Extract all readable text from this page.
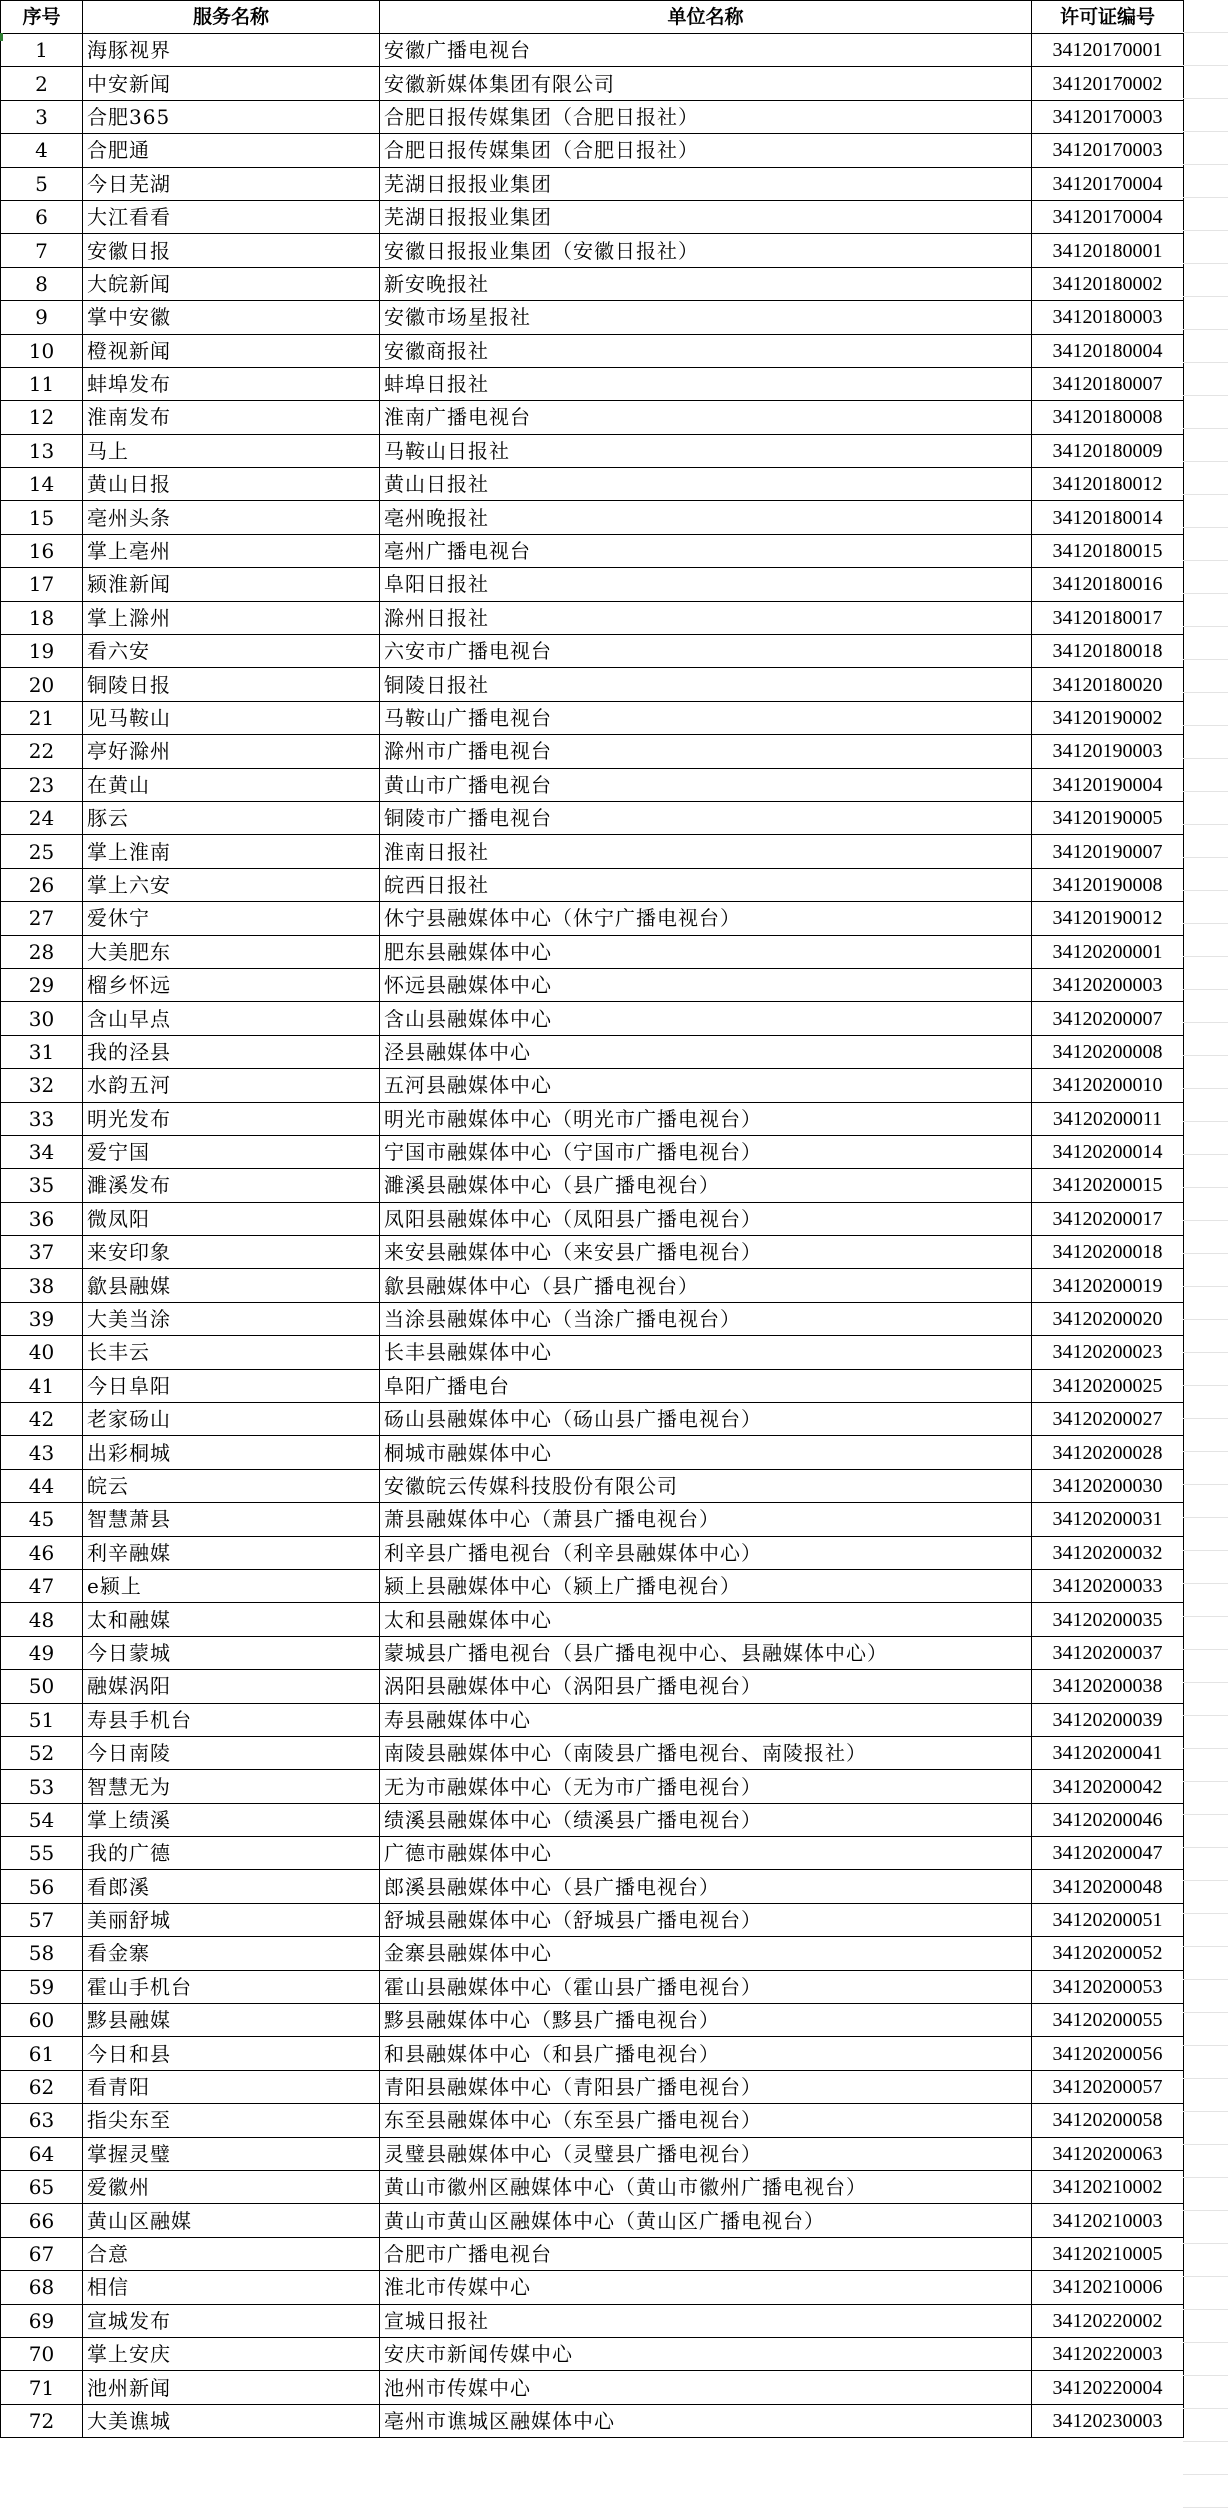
序号	服务名称	单位名称	许可证编号
1	海豚视界	安徽广播电视台	34120170001
2	中安新闻	安徽新媒体集团有限公司	34120170002
3	合肥365	合肥日报传媒集团（合肥日报社）	34120170003
4	合肥通	合肥日报传媒集团（合肥日报社）	34120170003
5	今日芜湖	芜湖日报报业集团	34120170004
6	大江看看	芜湖日报报业集团	34120170004
7	安徽日报	安徽日报报业集团（安徽日报社）	34120180001
8	大皖新闻	新安晚报社	34120180002
9	掌中安徽	安徽市场星报社	34120180003
10	橙视新闻	安徽商报社	34120180004
11	蚌埠发布	蚌埠日报社	34120180007
12	淮南发布	淮南广播电视台	34120180008
13	马上	马鞍山日报社	34120180009
14	黄山日报	黄山日报社	34120180012
15	亳州头条	亳州晚报社	34120180014
16	掌上亳州	亳州广播电视台	34120180015
17	颍淮新闻	阜阳日报社	34120180016
18	掌上滁州	滁州日报社	34120180017
19	看六安	六安市广播电视台	34120180018
20	铜陵日报	铜陵日报社	34120180020
21	见马鞍山	马鞍山广播电视台	34120190002
22	亭好滁州	滁州市广播电视台	34120190003
23	在黄山	黄山市广播电视台	34120190004
24	豚云	铜陵市广播电视台	34120190005
25	掌上淮南	淮南日报社	34120190007
26	掌上六安	皖西日报社	34120190008
27	爱休宁	休宁县融媒体中心（休宁广播电视台）	34120190012
28	大美肥东	肥东县融媒体中心	34120200001
29	榴乡怀远	怀远县融媒体中心	34120200003
30	含山早点	含山县融媒体中心	34120200007
31	我的泾县	泾县融媒体中心	34120200008
32	水韵五河	五河县融媒体中心	34120200010
33	明光发布	明光市融媒体中心（明光市广播电视台）	34120200011
34	爱宁国	宁国市融媒体中心（宁国市广播电视台）	34120200014
35	濉溪发布	濉溪县融媒体中心（县广播电视台）	34120200015
36	微凤阳	凤阳县融媒体中心（凤阳县广播电视台）	34120200017
37	来安印象	来安县融媒体中心（来安县广播电视台）	34120200018
38	歙县融媒	歙县融媒体中心（县广播电视台）	34120200019
39	大美当涂	当涂县融媒体中心（当涂广播电视台）	34120200020
40	长丰云	长丰县融媒体中心	34120200023
41	今日阜阳	阜阳广播电台	34120200025
42	老家砀山	砀山县融媒体中心（砀山县广播电视台）	34120200027
43	出彩桐城	桐城市融媒体中心	34120200028
44	皖云	安徽皖云传媒科技股份有限公司	34120200030
45	智慧萧县	萧县融媒体中心（萧县广播电视台）	34120200031
46	利辛融媒	利辛县广播电视台（利辛县融媒体中心）	34120200032
47	e颍上	颍上县融媒体中心（颍上广播电视台）	34120200033
48	太和融媒	太和县融媒体中心	34120200035
49	今日蒙城	蒙城县广播电视台（县广播电视中心、县融媒体中心）	34120200037
50	融媒涡阳	涡阳县融媒体中心（涡阳县广播电视台）	34120200038
51	寿县手机台	寿县融媒体中心	34120200039
52	今日南陵	南陵县融媒体中心（南陵县广播电视台、南陵报社）	34120200041
53	智慧无为	无为市融媒体中心（无为市广播电视台）	34120200042
54	掌上绩溪	绩溪县融媒体中心（绩溪县广播电视台）	34120200046
55	我的广德	广德市融媒体中心	34120200047
56	看郎溪	郎溪县融媒体中心（县广播电视台）	34120200048
57	美丽舒城	舒城县融媒体中心（舒城县广播电视台）	34120200051
58	看金寨	金寨县融媒体中心	34120200052
59	霍山手机台	霍山县融媒体中心（霍山县广播电视台）	34120200053
60	黟县融媒	黟县融媒体中心（黟县广播电视台）	34120200055
61	今日和县	和县融媒体中心（和县广播电视台）	34120200056
62	看青阳	青阳县融媒体中心（青阳县广播电视台）	34120200057
63	指尖东至	东至县融媒体中心（东至县广播电视台）	34120200058
64	掌握灵璧	灵璧县融媒体中心（灵璧县广播电视台）	34120200063
65	爱徽州	黄山市徽州区融媒体中心（黄山市徽州广播电视台）	34120210002
66	黄山区融媒	黄山市黄山区融媒体中心（黄山区广播电视台）	34120210003
67	合意	合肥市广播电视台	34120210005
68	相信	淮北市传媒中心	34120210006
69	宣城发布	宣城日报社	34120220002
70	掌上安庆	安庆市新闻传媒中心	34120220003
71	池州新闻	池州市传媒中心	34120220004
72	大美谯城	亳州市谯城区融媒体中心	34120230003
